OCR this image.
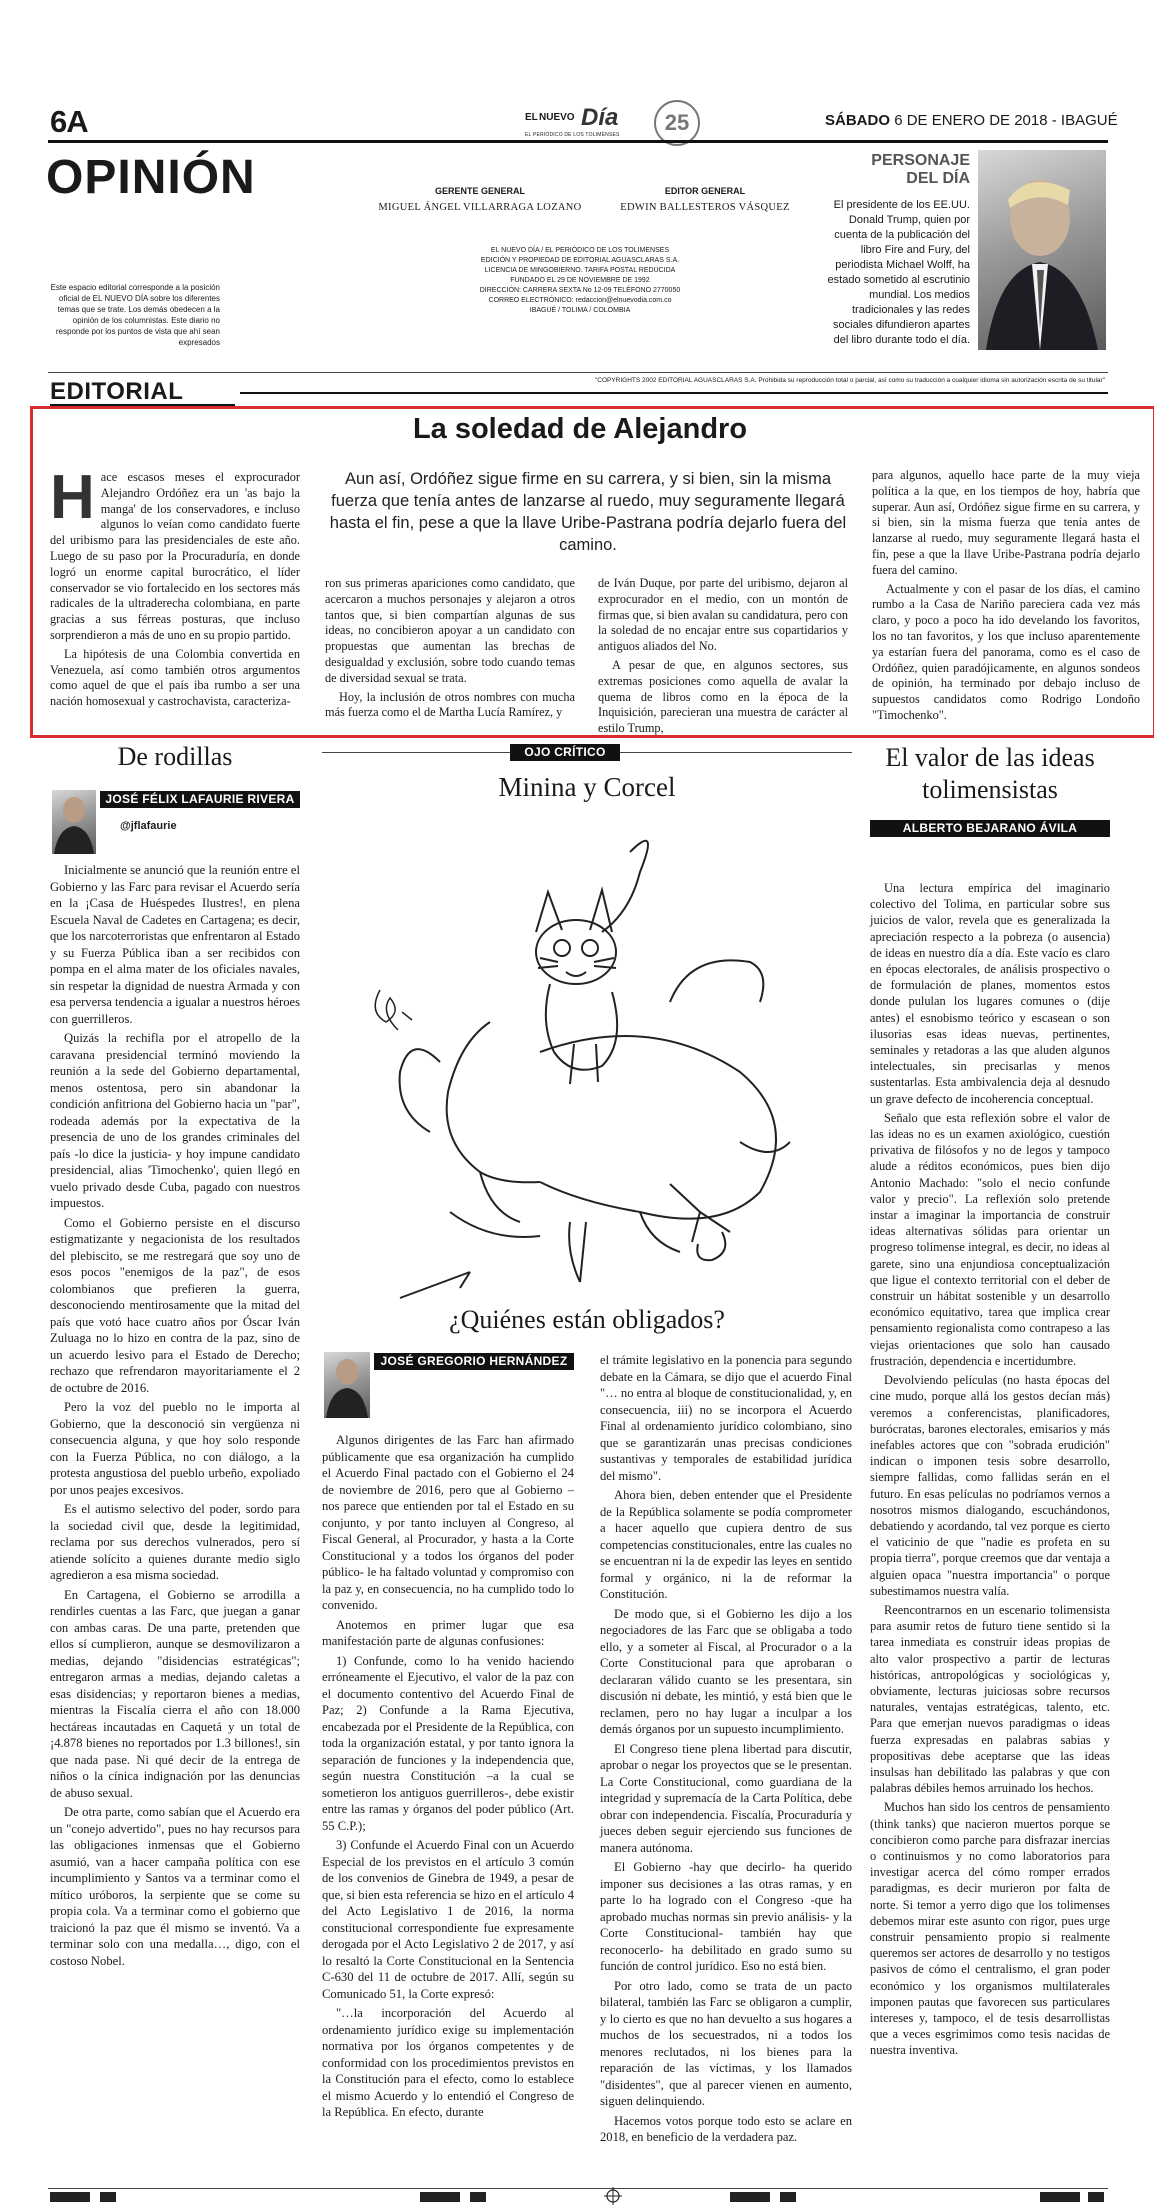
6A	EL NUEVO Día
EL PERIÓDICO DE LOS TOLIMENSES	25	SÁBADO 6 DE ENERO DE 2018 - IBAGUÉ
OPINIÓN
Este espacio editorial corresponde a la posición oficial de EL NUEVO DÍA sobre los diferentes temas que se trate. Los demás obedecen a la opinión de los columnistas. Este diario no responde por los puntos de vista que ahí sean expresados
GERENTE GENERAL
MIGUEL ÁNGEL VILLARRAGA LOZANO
EDITOR GENERAL
EDWIN BALLESTEROS VÁSQUEZ
EL NUEVO DÍA / EL PERIÓDICO DE LOS TOLIMENSES
EDICIÓN Y PROPIEDAD DE EDITORIAL AGUASCLARAS S.A.
LICENCIA DE MINGOBIERNO. TARIFA POSTAL REDUCIDA
FUNDADO EL 29 DE NOVIEMBRE DE 1992
DIRECCIÓN: CARRERA SEXTA No 12-09 TELÉFONO 2770050
CORREO ELECTRÓNICO: redaccion@elnuevodia.com.co
IBAGUÉ / TOLIMA / COLOMBIA
PERSONAJE
DEL DÍA
El presidente de los EE.UU. Donald Trump, quien por cuenta de la publicación del libro Fire and Fury, del periodista Michael Wolff, ha estado sometido al escrutinio mundial. Los medios tradicionales y las redes sociales difundieron apartes del libro durante todo el día.
EDITORIAL	"COPYRIGHTS 2002 EDITORIAL AGUASCLARAS S.A. Prohibida su reproducción total o parcial, así como su traducción a cualquier idioma sin autorización escrita de su titular"
La soledad de Alejandro
H ace escasos meses el exprocurador Alejandro Ordóñez era un 'as bajo la manga' de los conservadores, e incluso algunos lo veían como candidato fuerte del uribismo para las presidenciales de este año. Luego de su paso por la Procuraduría, en donde logró un enorme capital burocrático, el líder conservador se vio fortalecido en los sectores más radicales de la ultraderecha colombiana, en parte gracias a sus férreas posturas, que incluso sorprendieron a más de uno en su propio partido.

La hipótesis de una Colombia convertida en Venezuela, así como también otros argumentos como aquel de que el país iba rumbo a ser una nación homosexual y castrochavista, caracteriza-

Aun así, Ordóñez sigue firme en su carrera, y si bien, sin la misma fuerza que tenía antes de lanzarse al ruedo, muy seguramente llegará hasta el fin, pese a que la llave Uribe-Pastrana podría dejarlo fuera del camino.

ron sus primeras apariciones como candidato, que acercaron a muchos personajes y alejaron a otros tantos que, si bien compartían algunas de sus ideas, no concibieron apoyar a un candidato con propuestas que aumentan las brechas de desigualdad y exclusión, sobre todo cuando temas de diversidad sexual se trata.

Hoy, la inclusión de otros nombres con mucha más fuerza como el de Martha Lucía Ramírez, y

de Iván Duque, por parte del uribismo, dejaron al exprocurador en el medio, con un montón de firmas que, si bien avalan su candidatura, pero con la soledad de no encajar entre sus copartidarios y antiguos aliados del No.

A pesar de que, en algunos sectores, sus extremas posiciones como aquella de avalar la quema de libros como en la época de la Inquisición, parecieran una muestra de carácter al estilo Trump,

para algunos, aquello hace parte de la muy vieja política a la que, en los tiempos de hoy, habría que superar. Aun así, Ordóñez sigue firme en su carrera, y si bien, sin la misma fuerza que tenía antes de lanzarse al ruedo, muy seguramente llegará hasta el fin, pese a que la llave Uribe-Pastrana podría dejarlo fuera del camino.

Actualmente y con el pasar de los días, el camino rumbo a la Casa de Nariño pareciera cada vez más claro, y poco a poco ha ido develando los favoritos, los no tan favoritos, y los que incluso aparentemente ya estarían fuera del panorama, como es el caso de Ordóñez, quien paradójicamente, en algunos sondeos de opinión, ha terminado por debajo incluso de supuestos candidatos como Rodrigo Londoño "Timochenko".

De rodillas
JOSÉ FÉLIX LAFAURIE RIVERA
@jflafaurie

Inicialmente se anunció que la reunión entre el Gobierno y las Farc para revisar el Acuerdo sería en la ¡Casa de Huéspedes Ilustres!, en plena Escuela Naval de Cadetes en Cartagena; es decir, que los narcoterroristas que enfrentaron al Estado y su Fuerza Pública iban a ser recibidos con pompa en el alma mater de los oficiales navales, sin respetar la dignidad de nuestra Armada y con esa perversa tendencia a igualar a nuestros héroes con guerrilleros.

Quizás la rechifla por el atropello de la caravana presidencial terminó moviendo la reunión a la sede del Gobierno departamental, menos ostentosa, pero sin abandonar la condición anfitriona del Gobierno hacia un "par", rodeada además por la expectativa de la presencia de uno de los grandes criminales del país -lo dice la justicia- y hoy impune candidato presidencial, alias 'Timochenko', quien llegó en vuelo privado desde Cuba, pagado con nuestros impuestos.

Como el Gobierno persiste en el discurso estigmatizante y negacionista de los resultados del plebiscito, se me restregará que soy uno de esos pocos "enemigos de la paz", de esos colombianos que prefieren la guerra, desconociendo mentirosamente que la mitad del país que votó hace cuatro años por Óscar Iván Zuluaga no lo hizo en contra de la paz, sino de un acuerdo lesivo para el Estado de Derecho; rechazo que refrendaron mayoritariamente el 2 de octubre de 2016.

Pero la voz del pueblo no le importa al Gobierno, que la desconoció sin vergüenza ni consecuencia alguna, y que hoy solo responde con la Fuerza Pública, no con diálogo, a la protesta angustiosa del pueblo urbeño, expoliado por unos peajes excesivos.

Es el autismo selectivo del poder, sordo para la sociedad civil que, desde la legitimidad, reclama por sus derechos vulnerados, pero sí atiende solícito a quienes durante medio siglo agredieron a esa misma sociedad.

En Cartagena, el Gobierno se arrodilla a rendirles cuentas a las Farc, que juegan a ganar con ambas caras. De una parte, pretenden que ellos sí cumplieron, aunque se desmovilizaron a medias, dejando "disidencias estratégicas"; entregaron armas a medias, dejando caletas a esas disidencias; y reportaron bienes a medias, mientras la Fiscalía cierra el año con 18.000 hectáreas incautadas en Caquetá y un total de ¡4.878 bienes no reportados por 1.3 billones!, sin que nada pase. Ni qué decir de la entrega de niños o la cínica indignación por las denuncias de abuso sexual.

De otra parte, como sabían que el Acuerdo era un "conejo advertido", pues no hay recursos para las obligaciones inmensas que el Gobierno asumió, van a hacer campaña política con ese incumplimiento y Santos va a terminar como el mítico uróboros, la serpiente que se come su propia cola. Va a terminar como el gobierno que traicionó la paz que él mismo se inventó. Va a terminar solo con una medalla…, digo, con el costoso Nobel.

OJO CRÍTICO
Minina y Corcel
¿Quiénes están obligados?
JOSÉ GREGORIO HERNÁNDEZ

Algunos dirigentes de las Farc han afirmado públicamente que esa organización ha cumplido el Acuerdo Final pactado con el Gobierno el 24 de noviembre de 2016, pero que al Gobierno –nos parece que entienden por tal el Estado en su conjunto, y por tanto incluyen al Congreso, al Fiscal General, al Procurador, y hasta a la Corte Constitucional y a todos los órganos del poder público- le ha faltado voluntad y compromiso con la paz y, en consecuencia, no ha cumplido todo lo convenido.

Anotemos en primer lugar que esa manifestación parte de algunas confusiones:

1) Confunde, como lo ha venido haciendo erróneamente el Ejecutivo, el valor de la paz con el documento contentivo del Acuerdo Final de Paz; 2) Confunde a la Rama Ejecutiva, encabezada por el Presidente de la República, con toda la organización estatal, y por tanto ignora la separación de funciones y la independencia que, según nuestra Constitución –a la cual se sometieron los antiguos guerrilleros-, debe existir entre las ramas y órganos del poder público (Art. 55 C.P.);

3) Confunde el Acuerdo Final con un Acuerdo Especial de los previstos en el artículo 3 común de los convenios de Ginebra de 1949, a pesar de que, si bien esta referencia se hizo en el artículo 4 del Acto Legislativo 1 de 2016, la norma constitucional correspondiente fue expresamente derogada por el Acto Legislativo 2 de 2017, y así lo resaltó la Corte Constitucional en la Sentencia C-630 del 11 de octubre de 2017. Allí, según su Comunicado 51, la Corte expresó:

"…la incorporación del Acuerdo al ordenamiento jurídico exige su implementación normativa por los órganos competentes y de conformidad con los procedimientos previstos en la Constitución para el efecto, como lo establece el mismo Acuerdo y lo entendió el Congreso de la República. En efecto, durante

el trámite legislativo en la ponencia para segundo debate en la Cámara, se dijo que el acuerdo Final "… no entra al bloque de constitucionalidad, y, en consecuencia, iii) no se incorpora el Acuerdo Final al ordenamiento jurídico colombiano, sino que se garantizarán unas precisas condiciones sustantivas y temporales de estabilidad jurídica del mismo".

Ahora bien, deben entender que el Presidente de la República solamente se podía comprometer a hacer aquello que cupiera dentro de sus competencias constitucionales, entre las cuales no se encuentran ni la de expedir las leyes en sentido formal y orgánico, ni la de reformar la Constitución.

De modo que, si el Gobierno les dijo a los negociadores de las Farc que se obligaba a todo ello, y a someter al Fiscal, al Procurador o a la Corte Constitucional para que aprobaran o declararan válido cuanto se les presentara, sin discusión ni debate, les mintió, y está bien que le reclamen, pero no hay lugar a inculpar a los demás órganos por un supuesto incumplimiento.

El Congreso tiene plena libertad para discutir, aprobar o negar los proyectos que se le presentan. La Corte Constitucional, como guardiana de la integridad y supremacía de la Carta Política, debe obrar con independencia. Fiscalía, Procuraduría y jueces deben seguir ejerciendo sus funciones de manera autónoma.

El Gobierno -hay que decirlo- ha querido imponer sus decisiones a las otras ramas, y en parte lo ha logrado con el Congreso -que ha aprobado muchas normas sin previo análisis- y la Corte Constitucional- también hay que reconocerlo- ha debilitado en grado sumo su función de control jurídico. Eso no está bien.

Por otro lado, como se trata de un pacto bilateral, también las Farc se obligaron a cumplir, y lo cierto es que no han devuelto a sus hogares a muchos de los secuestrados, ni a todos los menores reclutados, ni los bienes para la reparación de las víctimas, y los llamados "disidentes", que al parecer vienen en aumento, siguen delinquiendo.

Hacemos votos porque todo esto se aclare en 2018, en beneficio de la verdadera paz.

El valor de las ideas tolimensistas
ALBERTO BEJARANO ÁVILA

Una lectura empírica del imaginario colectivo del Tolima, en particular sobre sus juicios de valor, revela que es generalizada la apreciación respecto a la pobreza (o ausencia) de ideas en nuestro día a día. Este vacío es claro en épocas electorales, de análisis prospectivo o de formulación de planes, momentos estos donde pululan los lugares comunes o (dije antes) el esnobismo teórico y escasean o son ilusorias esas ideas nuevas, pertinentes, seminales y retadoras a las que aluden algunos intelectuales, sin precisarlas y menos sustentarlas. Esta ambivalencia deja al desnudo un grave defecto de incoherencia conceptual.

Señalo que esta reflexión sobre el valor de las ideas no es un examen axiológico, cuestión privativa de filósofos y no de legos y tampoco alude a réditos económicos, pues bien dijo Antonio Machado: "solo el necio confunde valor y precio". La reflexión solo pretende instar a imaginar la importancia de construir ideas alternativas sólidas para orientar un progreso tolimense integral, es decir, no ideas al garete, sino una enjundiosa conceptualización que ligue el contexto territorial con el deber de construir un hábitat sostenible y un desarrollo económico equitativo, tarea que implica crear pensamiento regionalista como contrapeso a las viejas orientaciones que solo han causado frustración, dependencia e incertidumbre.

Devolviendo películas (no hasta épocas del cine mudo, porque allá los gestos decían más) veremos a conferencistas, planificadores, burócratas, barones electorales, emisarios y más inefables actores que con "sobrada erudición" indican o imponen tesis sobre desarrollo, siempre fallidas, como fallidas serán en el futuro. En esas películas no podríamos vernos a nosotros mismos dialogando, escuchándonos, debatiendo y acordando, tal vez porque es cierto el vaticinio de que "nadie es profeta en su propia tierra", porque creemos que dar ventaja a alguien opaca "nuestra importancia" o porque subestimamos nuestra valía.

Reencontrarnos en un escenario tolimensista para asumir retos de futuro tiene sentido si la tarea inmediata es construir ideas propias de alto valor prospectivo a partir de lecturas históricas, antropológicas y sociológicas y, obviamente, lecturas juiciosas sobre recursos naturales, ventajas estratégicas, talento, etc. Para que emerjan nuevos paradigmas o ideas fuerza expresadas en palabras sabias y propositivas debe aceptarse que las ideas insulsas han debilitado las palabras y que con palabras débiles hemos arruinado los hechos.

Muchos han sido los centros de pensamiento (think tanks) que nacieron muertos porque se concibieron como parche para disfrazar inercias o continuismos y no como laboratorios para investigar acerca del cómo romper errados paradigmas, es decir murieron por falta de norte. Si temor a yerro digo que los tolimenses debemos mirar este asunto con rigor, pues urge construir pensamiento propio si realmente queremos ser actores de desarrollo y no testigos pasivos de cómo el centralismo, el gran poder económico y los organismos multilaterales imponen pautas que favorecen sus particulares intereses y, tampoco, el de tesis desarrollistas que a veces esgrimimos como tesis nacidas de nuestra inventiva.
